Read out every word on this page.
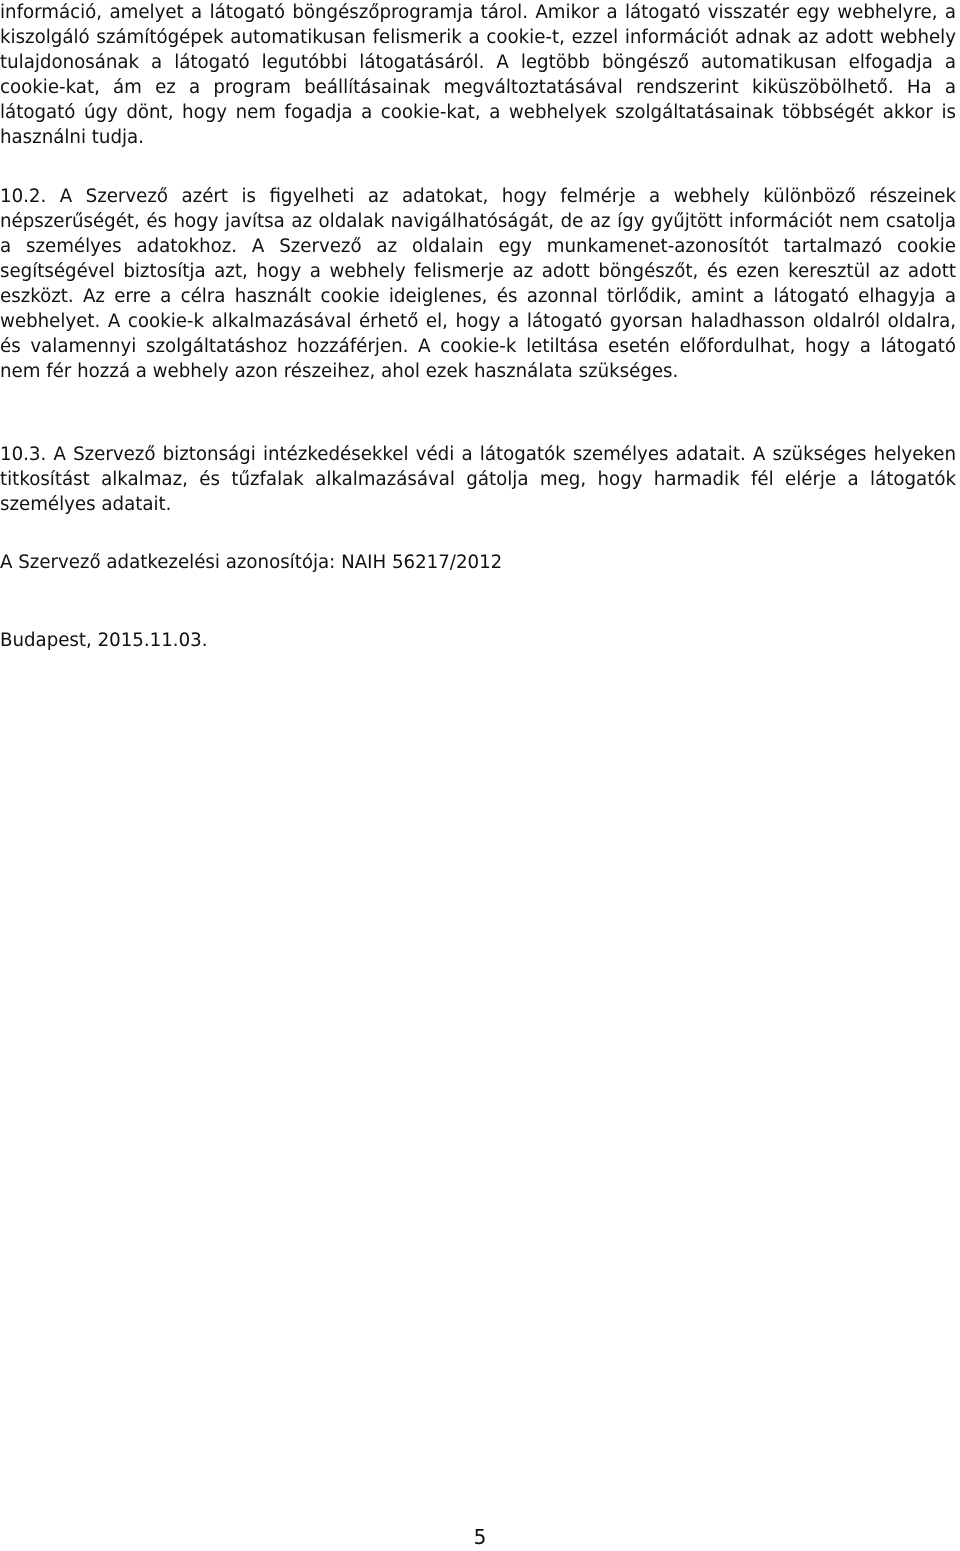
információ, amelyet a látogató böngészőprogramja tárol. Amikor a látogató visszatér egy webhelyre, a kiszolgáló számítógépek automatikusan felismerik a cookie-t, ezzel információt adnak az adott webhely tulajdonosának a látogató legutóbbi látogatásáról. A legtöbb böngésző automatikusan elfogadja a cookie-kat, ám ez a program beállításainak megváltoztatásával rendszerint kiküszöbölhető. Ha a látogató úgy dönt, hogy nem fogadja a cookie-kat, a webhelyek szolgáltatásainak többségét akkor is használni tudja.

10.2. A Szervező azért is figyelheti az adatokat, hogy felmérje a webhely különböző részeinek népszerűségét, és hogy javítsa az oldalak navigálhatóságát, de az így gyűjtött információt nem csatolja a személyes adatokhoz. A Szervező az oldalain egy munkamenet-azonosítót tartalmazó cookie segítségével biztosítja azt, hogy a webhely felismerje az adott böngészőt, és ezen keresztül az adott eszközt. Az erre a célra használt cookie ideiglenes, és azonnal törlődik, amint a látogató elhagyja a webhelyet. A cookie-k alkalmazásával érhető el, hogy a látogató gyorsan haladhasson oldalról oldalra, és valamennyi szolgáltatáshoz hozzáférjen. A cookie-k letiltása esetén előfordulhat, hogy a látogató nem fér hozzá a webhely azon részeihez, ahol ezek használata szükséges.

10.3. A Szervező biztonsági intézkedésekkel védi a látogatók személyes adatait. A szükséges helyeken titkosítást alkalmaz, és tűzfalak alkalmazásával gátolja meg, hogy harmadik fél elérje a látogatók személyes adatait.

A Szervező adatkezelési azonosítója: NAIH 56217/2012

Budapest, 2015.11.03.

5
